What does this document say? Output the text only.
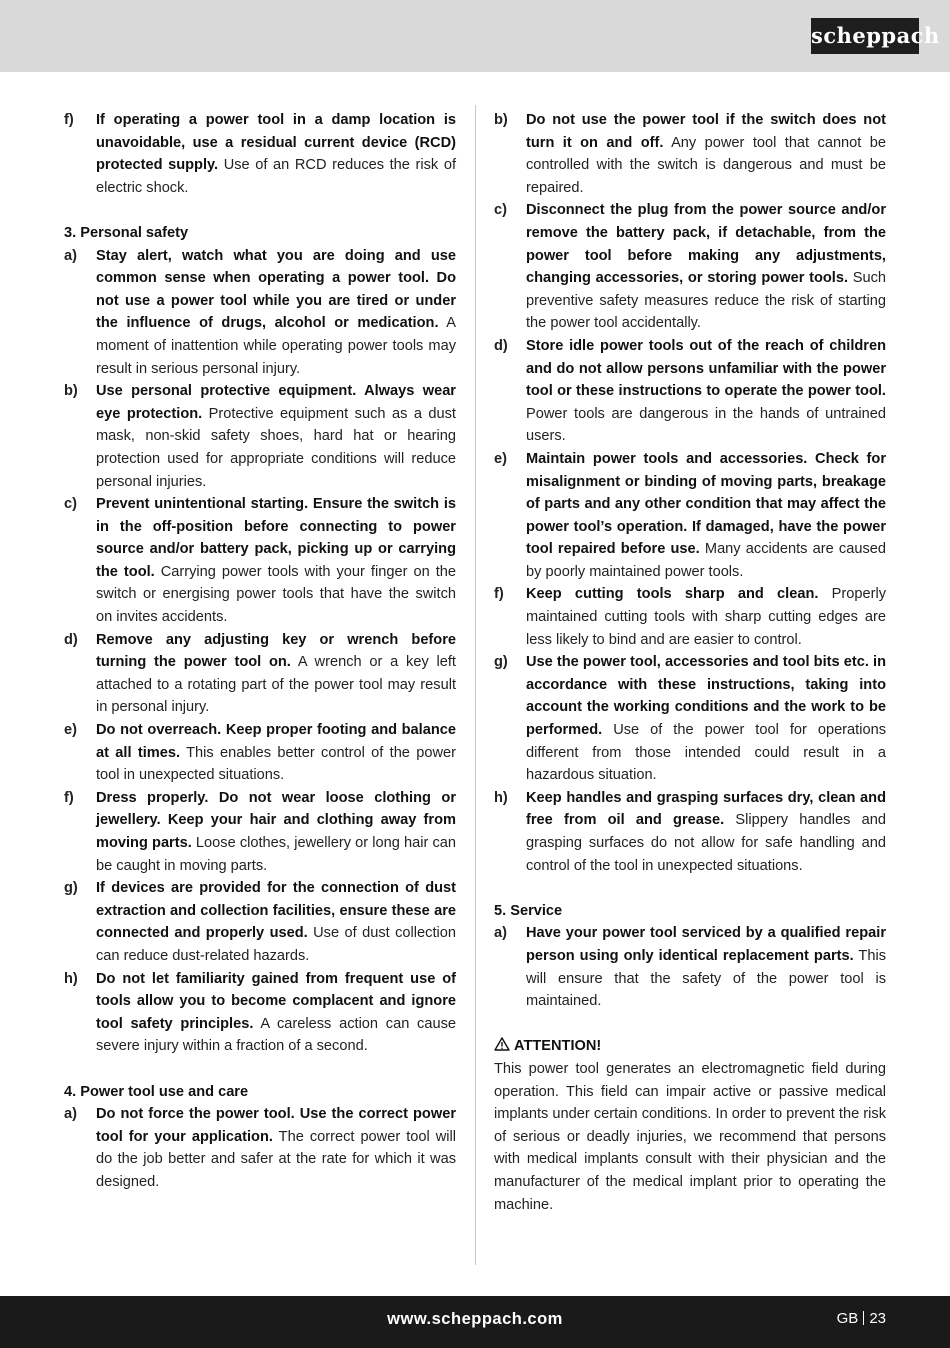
scheppach
f) If operating a power tool in a damp location is unavoidable, use a residual current device (RCD) protected supply. Use of an RCD reduces the risk of electric shock.
3. Personal safety
a) Stay alert, watch what you are doing and use common sense when operating a power tool. Do not use a power tool while you are tired or under the influence of drugs, alcohol or medication. A moment of inattention while operating power tools may result in serious personal injury.
b) Use personal protective equipment. Always wear eye protection. Protective equipment such as a dust mask, non-skid safety shoes, hard hat or hearing protection used for appropriate conditions will reduce personal injuries.
c) Prevent unintentional starting. Ensure the switch is in the off-position before connecting to power source and/or battery pack, picking up or carrying the tool. Carrying power tools with your finger on the switch or energising power tools that have the switch on invites accidents.
d) Remove any adjusting key or wrench before turning the power tool on. A wrench or a key left attached to a rotating part of the power tool may result in personal injury.
e) Do not overreach. Keep proper footing and balance at all times. This enables better control of the power tool in unexpected situations.
f) Dress properly. Do not wear loose clothing or jewellery. Keep your hair and clothing away from moving parts. Loose clothes, jewellery or long hair can be caught in moving parts.
g) If devices are provided for the connection of dust extraction and collection facilities, ensure these are connected and properly used. Use of dust collection can reduce dust-related hazards.
h) Do not let familiarity gained from frequent use of tools allow you to become complacent and ignore tool safety principles. A careless action can cause severe injury within a fraction of a second.
4. Power tool use and care
a) Do not force the power tool. Use the correct power tool for your application. The correct power tool will do the job better and safer at the rate for which it was designed.
b) Do not use the power tool if the switch does not turn it on and off. Any power tool that cannot be controlled with the switch is dangerous and must be repaired.
c) Disconnect the plug from the power source and/or remove the battery pack, if detachable, from the power tool before making any adjustments, changing accessories, or storing power tools. Such preventive safety measures reduce the risk of starting the power tool accidentally.
d) Store idle power tools out of the reach of children and do not allow persons unfamiliar with the power tool or these instructions to operate the power tool. Power tools are dangerous in the hands of untrained users.
e) Maintain power tools and accessories. Check for misalignment or binding of moving parts, breakage of parts and any other condition that may affect the power tool’s operation. If damaged, have the power tool repaired before use. Many accidents are caused by poorly maintained power tools.
f) Keep cutting tools sharp and clean. Properly maintained cutting tools with sharp cutting edges are less likely to bind and are easier to control.
g) Use the power tool, accessories and tool bits etc. in accordance with these instructions, taking into account the working conditions and the work to be performed. Use of the power tool for operations different from those intended could result in a hazardous situation.
h) Keep handles and grasping surfaces dry, clean and free from oil and grease. Slippery handles and grasping surfaces do not allow for safe handling and control of the tool in unexpected situations.
5. Service
a) Have your power tool serviced by a qualified repair person using only identical replacement parts. This will ensure that the safety of the power tool is maintained.
ATTENTION!
This power tool generates an electromagnetic field during operation. This field can impair active or passive medical implants under certain conditions. In order to prevent the risk of serious or deadly injuries, we recommend that persons with medical implants consult with their physician and the manufacturer of the medical implant prior to operating the machine.
www.scheppach.com	GB 23
